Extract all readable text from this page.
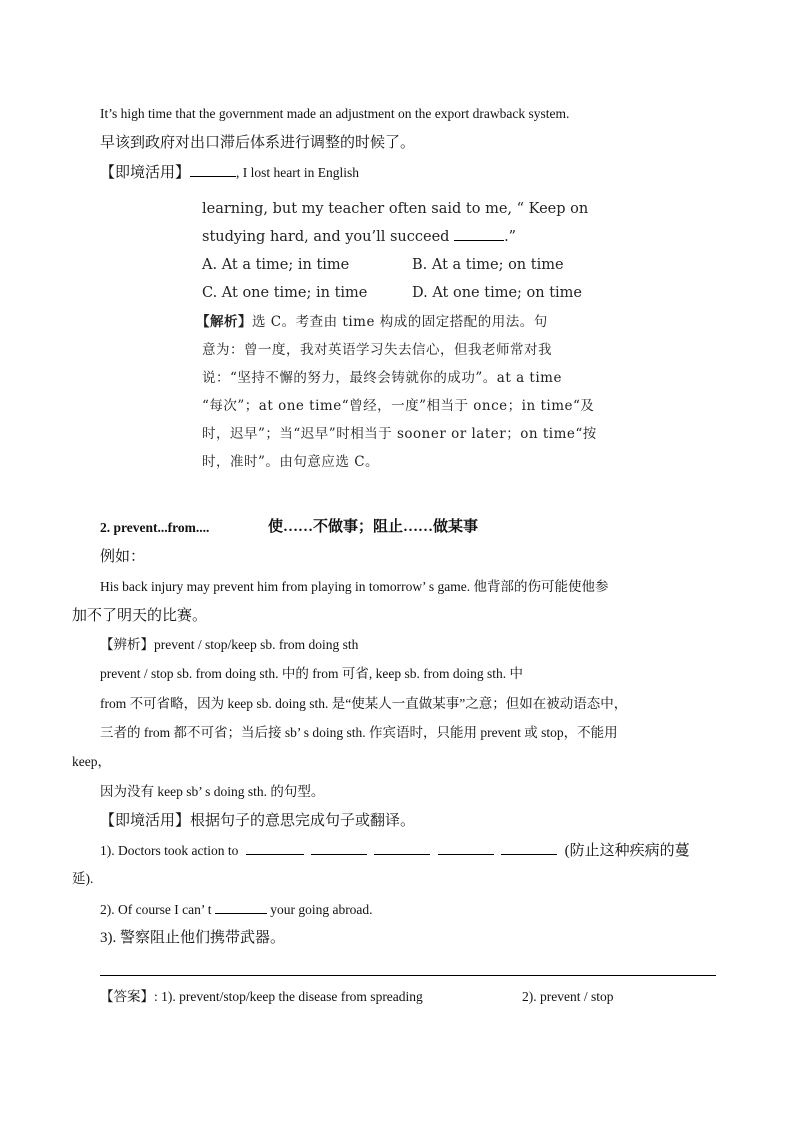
It’s high time that the government made an adjustment on the export drawback system.
早该到政府对出口滞后体系进行调整的时候了。
【即境活用】	, I lost heart in English
learning, but my teacher often said to me, “ Keep on
studying hard, and you’ll succeed	.”
A. At a time; in time	B. At a time; on time
C. At one time; in time	D. At one time; on time
【解析】选 C。考查由 time 构成的固定搭配的用法。句
意为：曾一度，我对英语学习失去信心，但我老师常对我
说：“坚持不懈的努力，最终会铸就你的成功”。at a time
“每次”；at one time“曾经，一度”相当于 once；in time“及
时，迟早”；当“迟早”时相当于 sooner or later；on time“按
时，准时”。由句意应选 C。
2. prevent...from....	使……不做事；阻止……做某事
例如：
His back injury may prevent him from playing in tomorrow’ s game. 他背部的伤可能使他参
加不了明天的比赛。
【辨析】prevent / stop/keep sb. from doing sth
prevent / stop sb. from doing sth. 中的 from 可省, keep sb. from doing sth. 中
from 不可省略，因为 keep sb. doing sth. 是“使某人一直做某事”之意；但如在被动语态中，
三者的 from 都不可省；当后接 sb’ s doing sth. 作宾语时，只能用 prevent 或 stop，不能用
keep，
因为没有 keep sb’ s doing sth. 的句型。
【即境活用】根据句子的意思完成句子或翻译。
1). Doctors took action to	(防止这种疾病的蔓
延).
2). Of course I can’ t	your going abroad.
3). 警察阻止他们携带武器。
【答案】: 1). prevent/stop/keep the disease from spreading	2). prevent / stop
